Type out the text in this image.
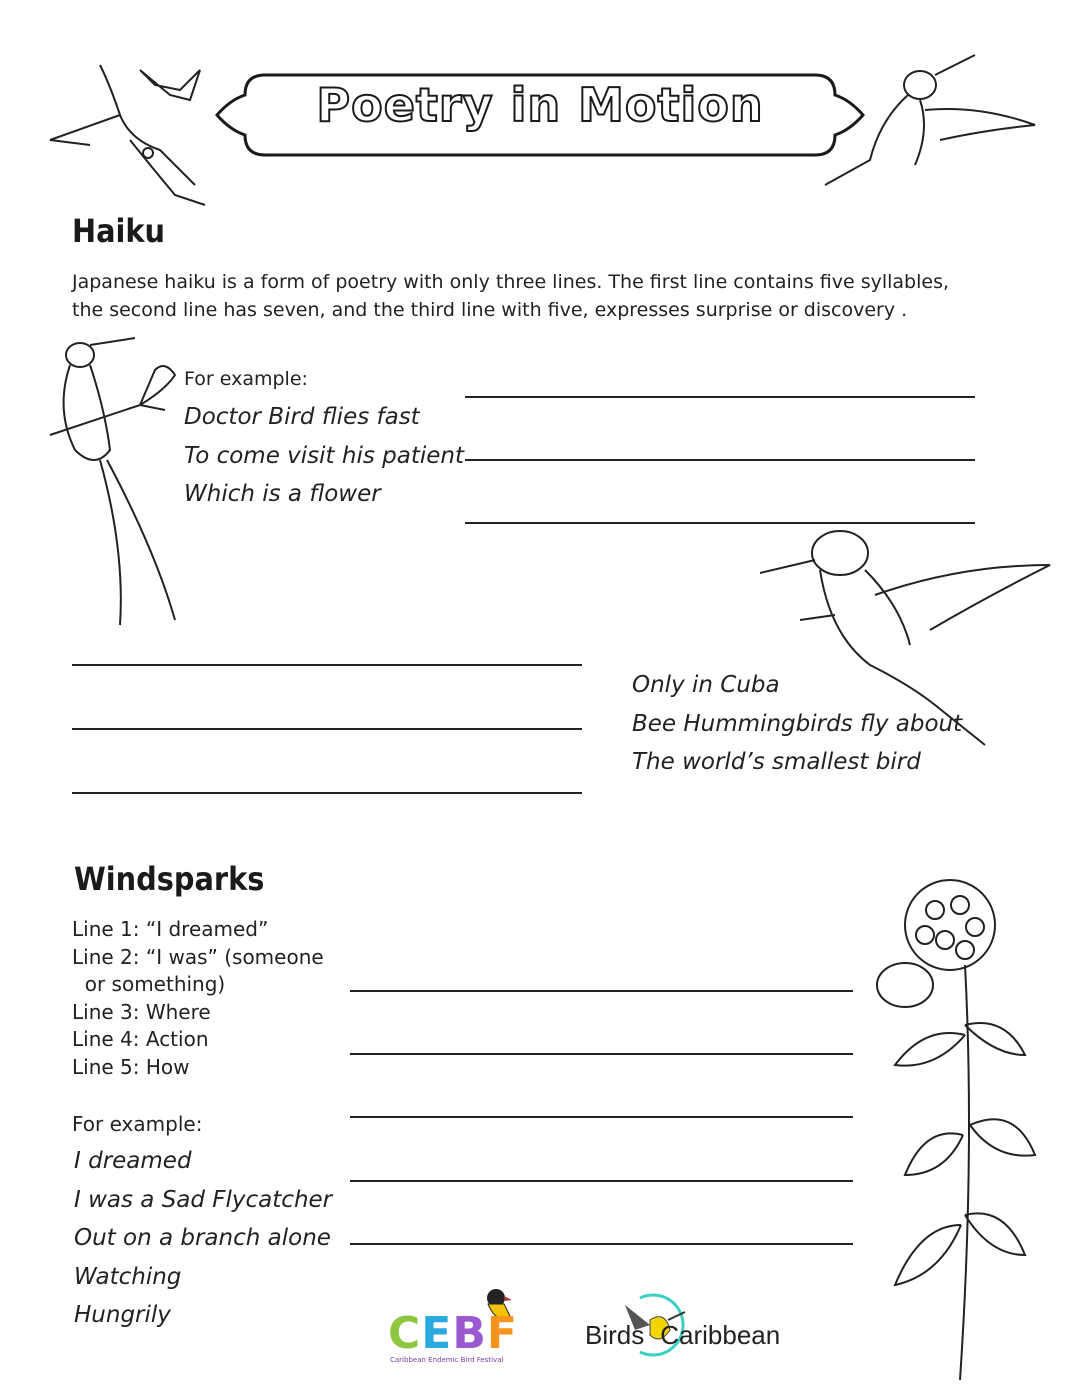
Poetry in Motion
Haiku
Japanese haiku is a form of poetry with only three lines. The first line contains five syllables,
the second line has seven, and the third line with five, expresses surprise or discovery .
For example:
Doctor Bird flies fast
To come visit his patient
Which is a flower
Only in Cuba
Bee Hummingbirds fly about
The world’s smallest bird
Windsparks
Line 1: “I dreamed”
Line 2: “I was” (someone
or something)
Line 3: Where
Line 4: Action
Line 5: How
For example:
I dreamed
I was a Sad Flycatcher
Out on a branch alone
Watching
Hungrily	CEBF
Caribbean Endemic Bird Festival
Birds Caribbean
